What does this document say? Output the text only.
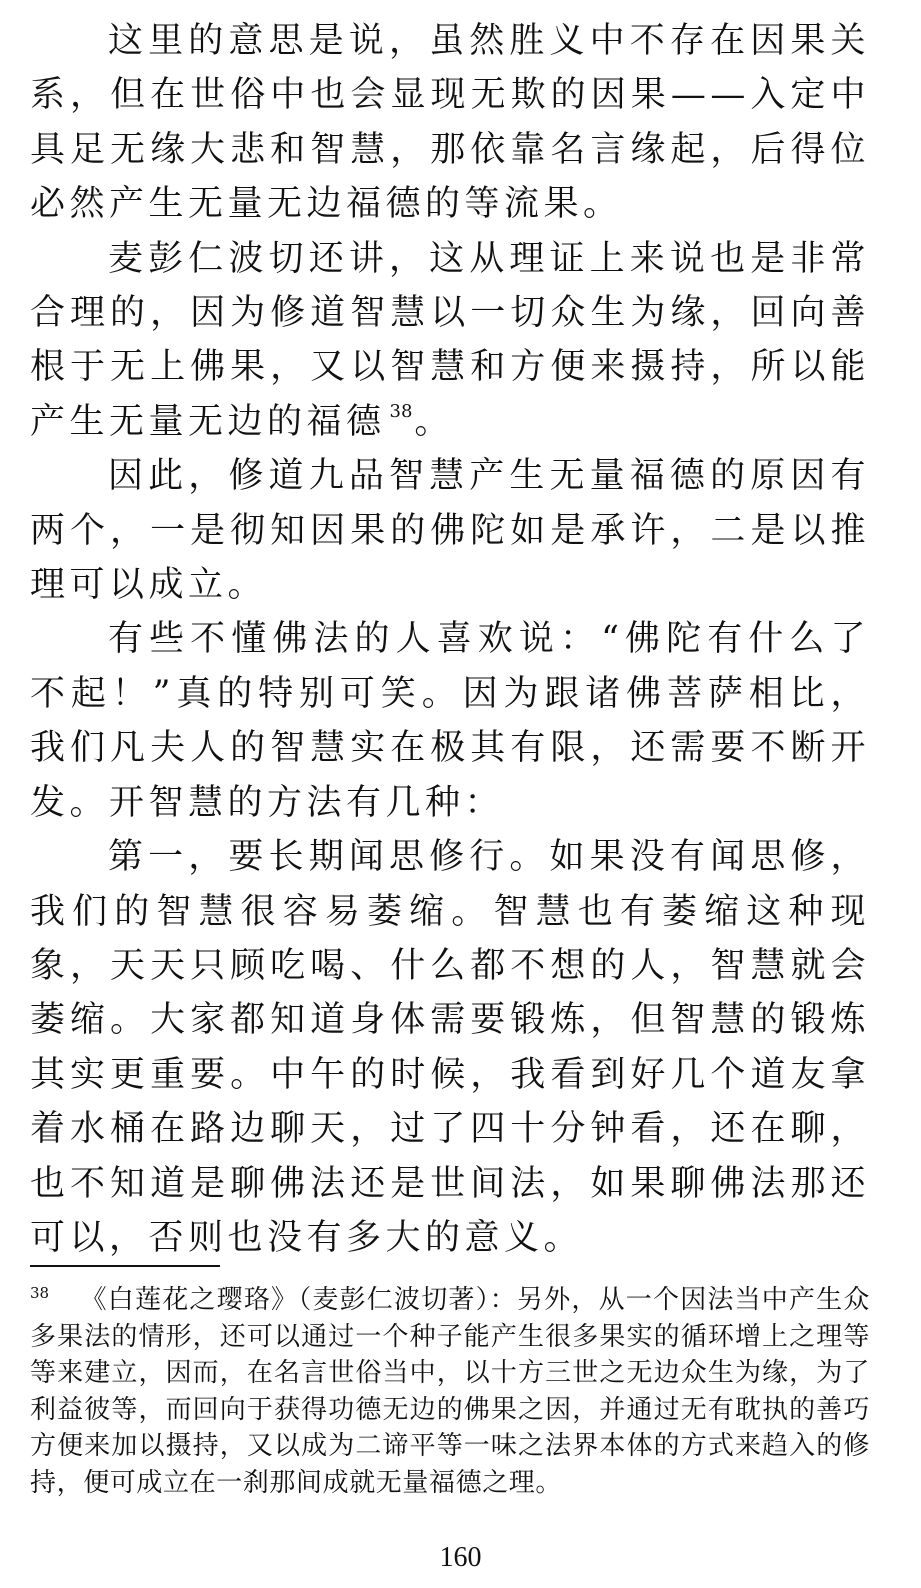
这里的意思是说，虽然胜义中不存在因果关系，但在世俗中也会显现无欺的因果——入定中具足无缘大悲和智慧，那依靠名言缘起，后得位必然产生无量无边福德的等流果。

麦彭仁波切还讲，这从理证上来说也是非常合理的，因为修道智慧以一切众生为缘，回向善根于无上佛果，又以智慧和方便来摄持，所以能产生无量无边的福德 $^{38}$。

因此，修道九品智慧产生无量福德的原因有两个，一是彻知因果的佛陀如是承许，二是以推理可以成立。

有些不懂佛法的人喜欢说：“佛陀有什么了不起！”真的特别可笑。因为跟诸佛菩萨相比，我们凡夫人的智慧实在极其有限，还需要不断开发。开智慧的方法有几种：

第一，要长期闻思修行。如果没有闻思修，我们的智慧很容易萎缩。智慧也有萎缩这种现象，天天只顾吃喝、什么都不想的人，智慧就会萎缩。大家都知道身体需要锻炼，但智慧的锻炼其实更重要。中午的时候，我看到好几个道友拿着水桶在路边聊天，过了四十分钟看，还在聊，也不知道是聊佛法还是世间法，如果聊佛法那还可以，否则也没有多大的意义。

38 《白莲花之璎珞》（麦彭仁波切著）：另外，从一个因法当中产生众多果法的情形，还可以通过一个种子能产生很多果实的循环增上之理等等来建立，因而，在名言世俗当中，以十方三世之无边众生为缘，为了利益彼等，而回向于获得功德无边的佛果之因，并通过无有耽执的善巧方便来加以摄持，又以成为二谛平等一味之法界本体的方式来趋入的修持，便可成立在一刹那间成就无量福德之理。

160
